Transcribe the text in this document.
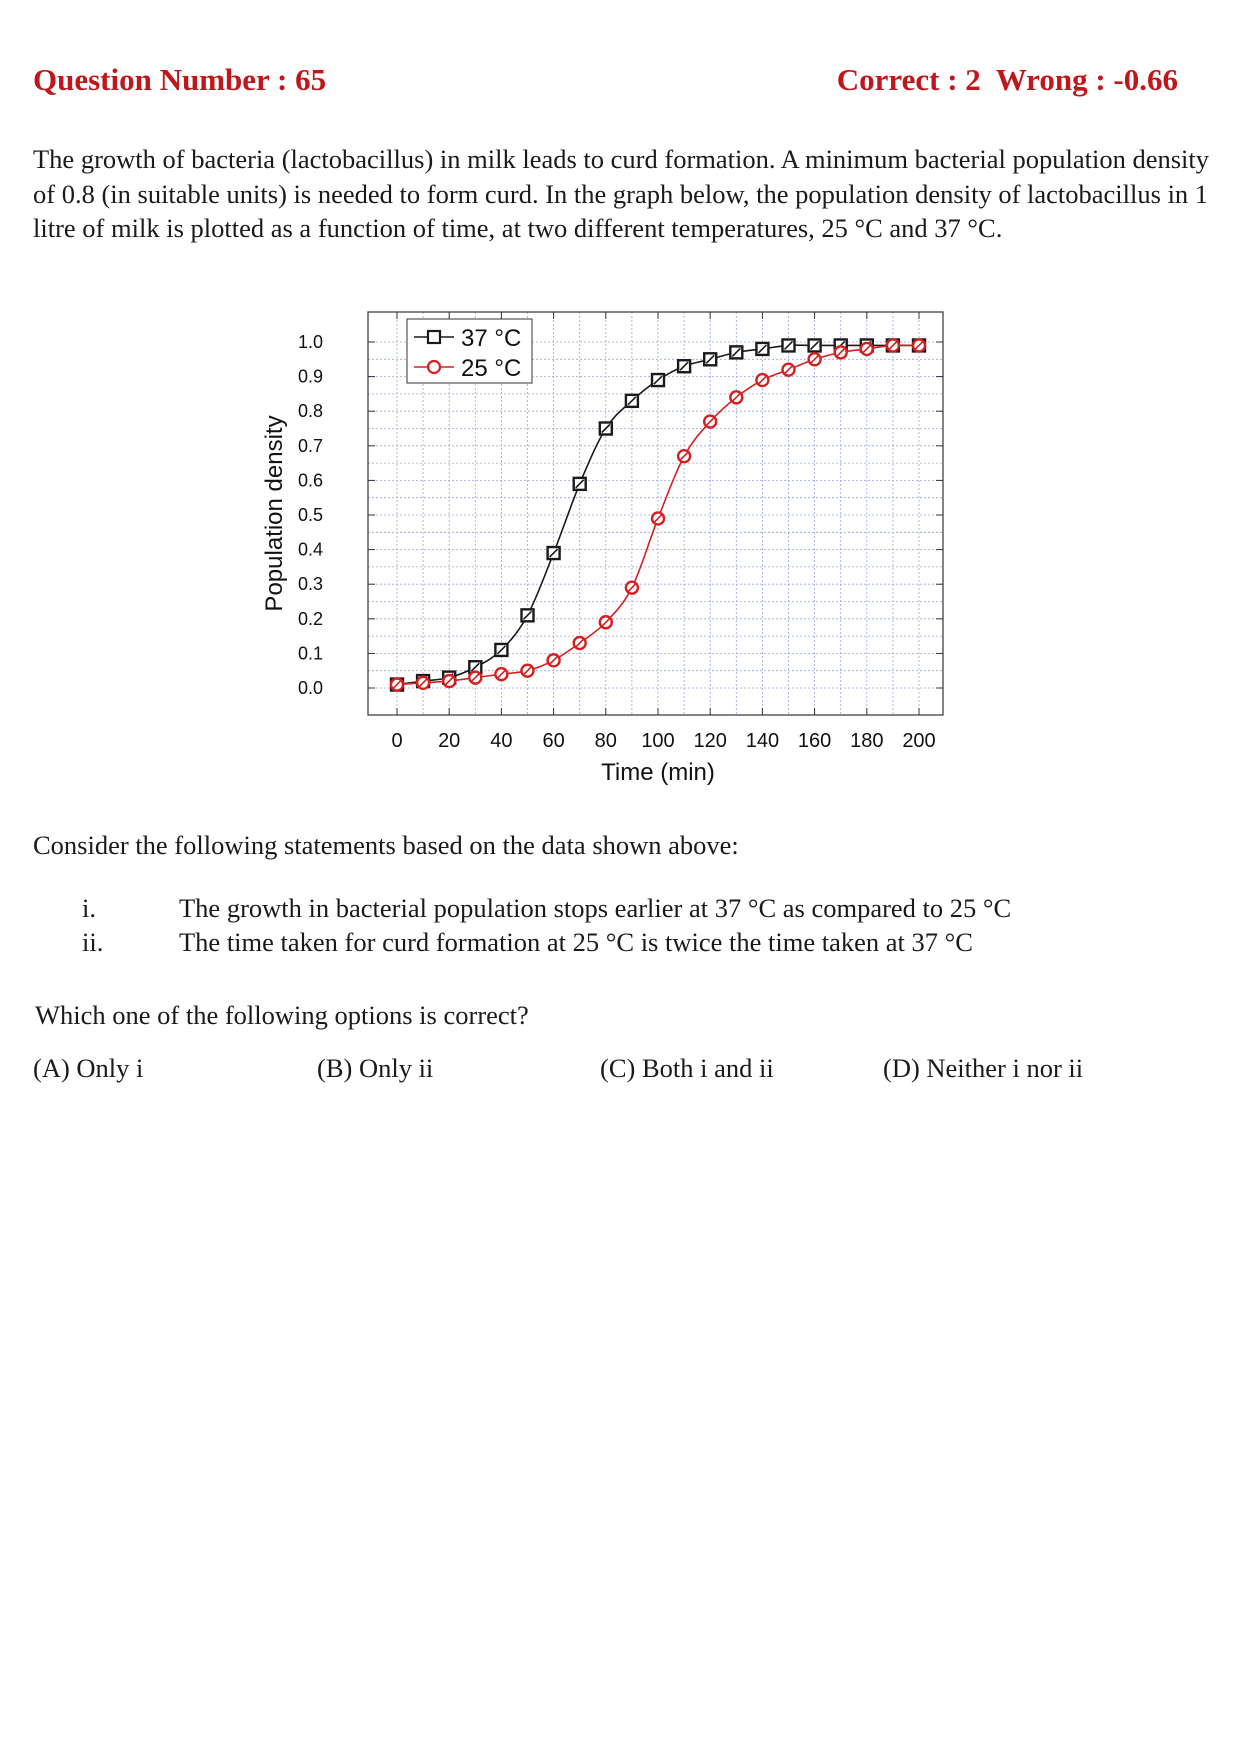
Question Number : 65	Correct : 2  Wrong : -0.66
The growth of bacteria (lactobacillus) in milk leads to curd formation. A minimum bacterial population density of 0.8 (in suitable units) is needed to form curd. In the graph below, the population density of lactobacillus in 1 litre of milk is plotted as a function of time, at two different temperatures, 25 °C and 37 °C.
0 20 40 60 80 100 120 140 160 180 200
0.0
0.1
0.2
0.3
0.4
0.5
0.6
0.7
0.8
0.9
1.0
Time (min)
Population density
37 °C
25 °C
Consider the following statements based on the data shown above:
i.	The growth in bacterial population stops earlier at 37 °C as compared to 25 °C
ii.	The time taken for curd formation at 25 °C is twice the time taken at 37 °C
Which one of the following options is correct?
(A) Only i	(B) Only ii	(C) Both i and ii	(D) Neither i nor ii
